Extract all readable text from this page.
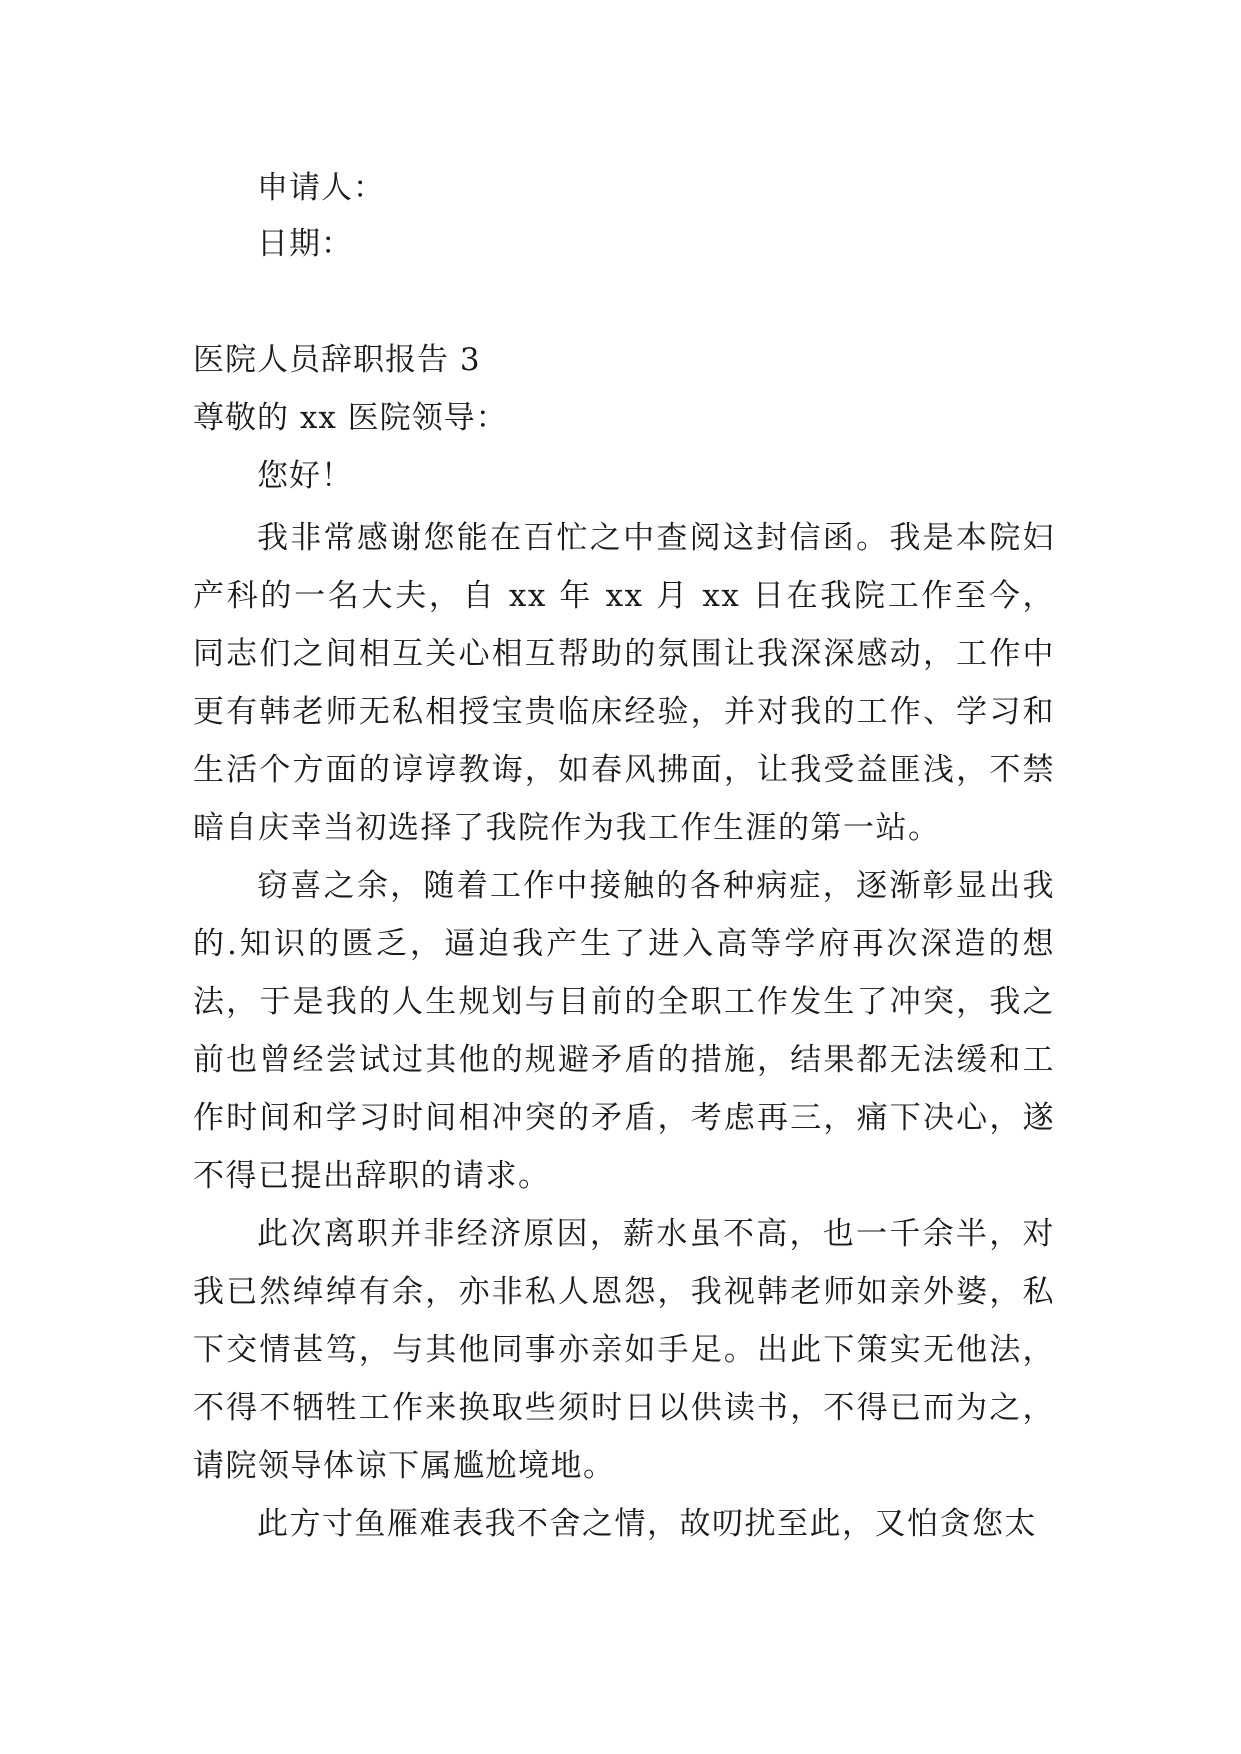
申请人：
日期：
医院人员辞职报告 3
尊敬的 xx 医院领导：
您好！

我非常感谢您能在百忙之中查阅这封信函。我是本院妇产科的一名大夫，自 xx 年 xx 月 xx 日在我院工作至今，同志们之间相互关心相互帮助的氛围让我深深感动，工作中更有韩老师无私相授宝贵临床经验，并对我的工作、学习和生活个方面的谆谆教诲，如春风拂面，让我受益匪浅，不禁暗自庆幸当初选择了我院作为我工作生涯的第一站。

窃喜之余，随着工作中接触的各种病症，逐渐彰显出我的.知识的匮乏，逼迫我产生了进入高等学府再次深造的想法，于是我的人生规划与目前的全职工作发生了冲突，我之前也曾经尝试过其他的规避矛盾的措施，结果都无法缓和工作时间和学习时间相冲突的矛盾，考虑再三，痛下决心，遂不得已提出辞职的请求。

此次离职并非经济原因，薪水虽不高，也一千余半，对我已然绰绰有余，亦非私人恩怨，我视韩老师如亲外婆，私下交情甚笃，与其他同事亦亲如手足。出此下策实无他法，不得不牺牲工作来换取些须时日以供读书，不得已而为之，请院领导体谅下属尴尬境地。

此方寸鱼雁难表我不舍之情，故叨扰至此，又怕贪您太
